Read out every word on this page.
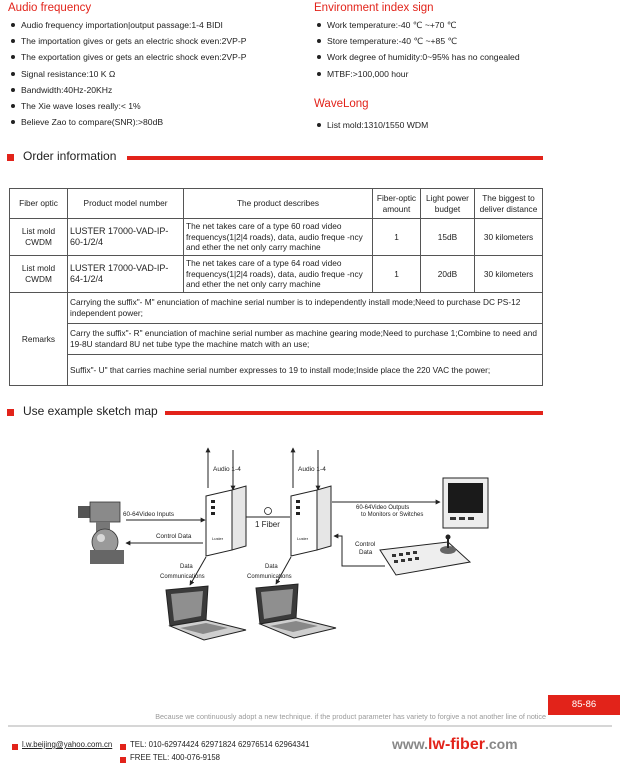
Audio frequency
Audio frequency importation|output passage:1-4 BIDI
The importation gives or gets an electric shock even:2VP-P
The exportation gives or gets an electric shock even:2VP-P
Signal resistance:10 K Ω
Bandwidth:40Hz-20KHz
The Xie wave loses really:< 1%
Believe Zao to compare(SNR):>80dB
Environment index sign
Work temperature:-40 ℃ ~+70 ℃
Store temperature:-40 ℃ ~+85 ℃
Work degree of humidity:0~95% has no congealed
MTBF:>100,000 hour
WaveLong
List mold:1310/1550 WDM
Order information
Fiber optic	Product model number	The product describes	Fiber-optic amount	Light power budget	The biggest to deliver distance
List mold CWDM	LUSTER 17000-VAD-IP-60-1/2/4	The net takes care of a type 60 road video frequencys(1|2|4 roads), data, audio freque -ncy and ether the net only carry machine	1	15dB	30 kilometers
List mold CWDM	LUSTER 17000-VAD-IP-64-1/2/4	The net takes care of a type 64 road video frequencys(1|2|4 roads), data, audio freque -ncy and ether the net only carry machine	1	20dB	30 kilometers
Remarks	Carrying the suffix"- M" enunciation of machine serial number is to independently install mode;Need to purchase DC PS-12 independent power;				
	Carry the suffix"- R" enunciation of machine serial number as machine gearing mode;Need to purchase 1;Combine to need and 19-8U standard 8U net tube type the machine match with an use;				
	Suffix"- U" that carries machine serial number expresses to 19 to install mode;Inside place the 220 VAC the power;				
Use example sketch map
Audio 1-4	Audio 1-4
60-64Video Inputs
Control Data	Luster
1 Fiber
Luster
60-64Video Outputs
to Monitors or Switches
Control
Data
Data
Communications
Data
Communications
85-86
Because we continuously adopt a new technique. if the product parameter has variety to forgive a not another line of notice
l.w.beijing@yahoo.com.cn TEL: 010-62974424 62971824 62976514 62964341
FREE TEL: 400-076-9158
www.lw-fiber.com
